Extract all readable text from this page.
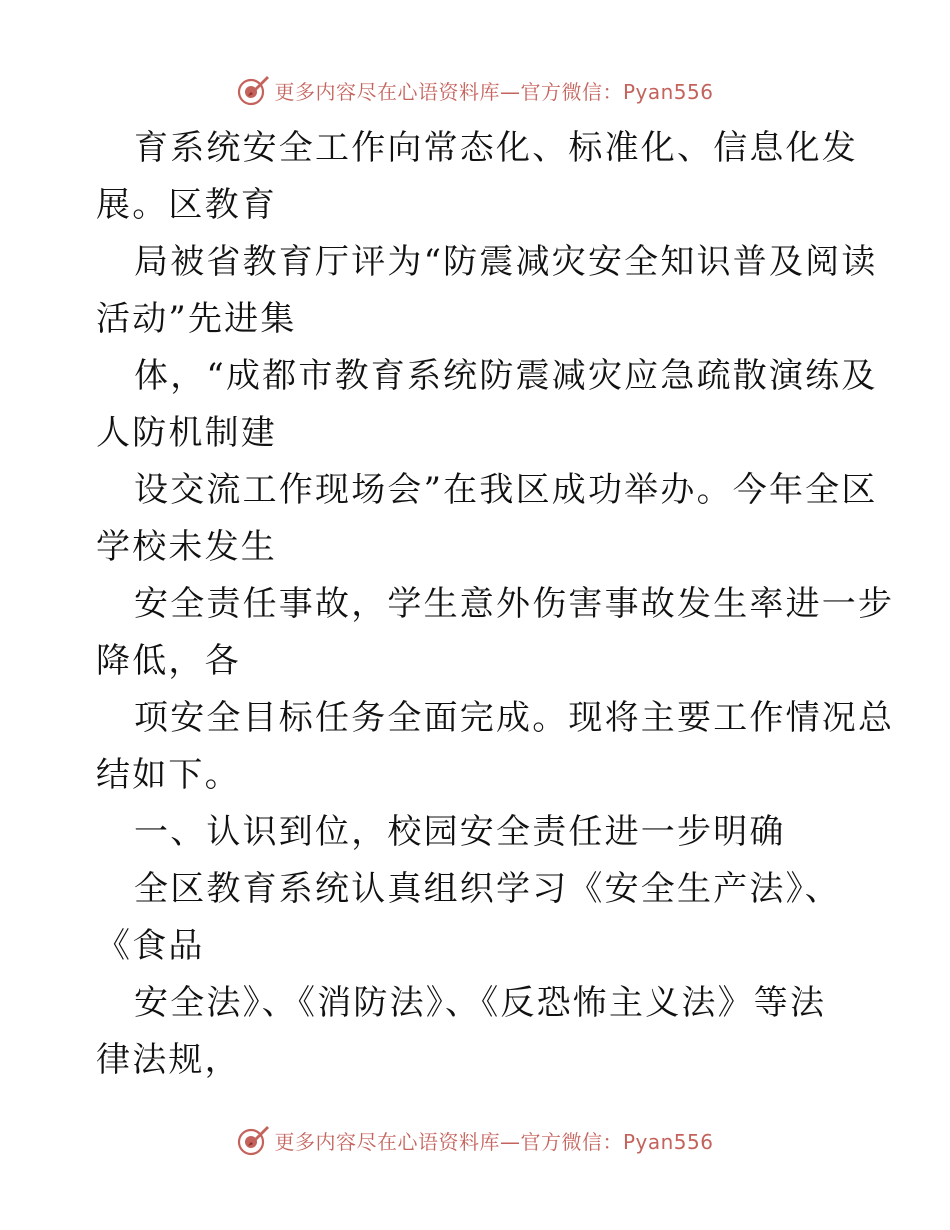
更多内容尽在心语资料库—官方微信：Pyan556
育系统安全工作向常态化、标准化、信息化发
展。区教育
局被省教育厅评为“防震减灾安全知识普及阅读
活动”先进集
体，“成都市教育系统防震减灾应急疏散演练及
人防机制建
设交流工作现场会”在我区成功举办。今年全区
学校未发生
安全责任事故，学生意外伤害事故发生率进一步
降低，各
项安全目标任务全面完成。现将主要工作情况总
结如下。
一、认识到位，校园安全责任进一步明确
全区教育系统认真组织学习《安全生产法》、
《食品
安全法》、《消防法》、《反恐怖主义法》等法
律法规，
更多内容尽在心语资料库—官方微信：Pyan556
